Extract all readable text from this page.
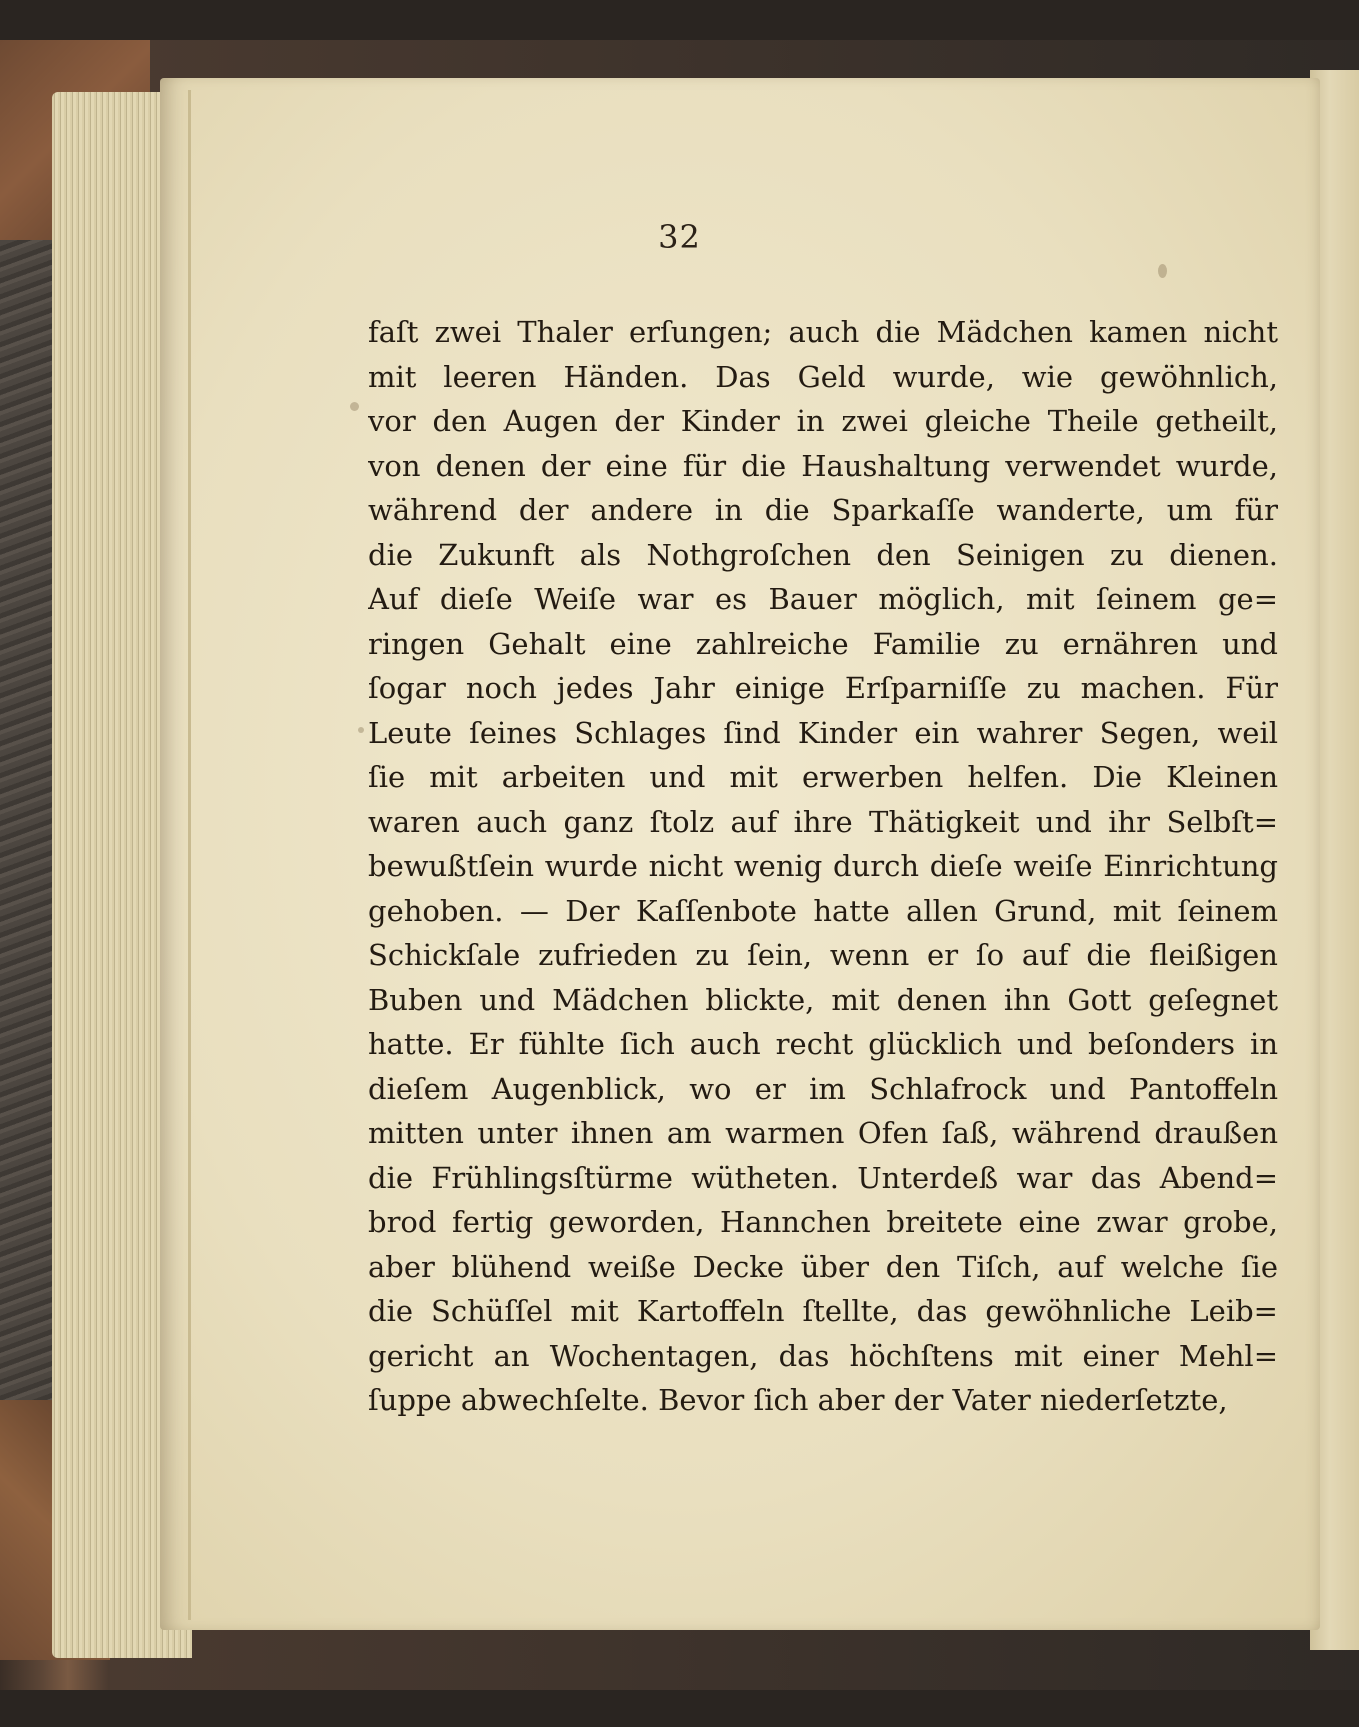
32
faſt zwei Thaler erſungen; auch die Mädchen kamen nicht
mit leeren Händen. Das Geld wurde, wie gewöhnlich,
vor den Augen der Kinder in zwei gleiche Theile getheilt,
von denen der eine für die Haushaltung verwendet wurde,
während der andere in die Sparkaſſe wanderte, um für
die Zukunft als Nothgroſchen den Seinigen zu dienen.
Auf dieſe Weiſe war es Bauer möglich, mit ſeinem ge=
ringen Gehalt eine zahlreiche Familie zu ernähren und
ſogar noch jedes Jahr einige Erſparniſſe zu machen. Für
Leute ſeines Schlages ſind Kinder ein wahrer Segen, weil
ſie mit arbeiten und mit erwerben helfen. Die Kleinen
waren auch ganz ſtolz auf ihre Thätigkeit und ihr Selbſt=
bewußtſein wurde nicht wenig durch dieſe weiſe Einrichtung
gehoben. — Der Kaſſenbote hatte allen Grund, mit ſeinem
Schickſale zufrieden zu ſein, wenn er ſo auf die fleißigen
Buben und Mädchen blickte, mit denen ihn Gott geſegnet
hatte. Er fühlte ſich auch recht glücklich und beſonders in
dieſem Augenblick, wo er im Schlafrock und Pantoffeln
mitten unter ihnen am warmen Ofen ſaß, während draußen
die Frühlingsſtürme wütheten. Unterdeß war das Abend=
brod fertig geworden, Hannchen breitete eine zwar grobe,
aber blühend weiße Decke über den Tiſch, auf welche ſie
die Schüſſel mit Kartoffeln ſtellte, das gewöhnliche Leib=
gericht an Wochentagen, das höchſtens mit einer Mehl=
ſuppe abwechſelte. Bevor ſich aber der Vater niederſetzte,
